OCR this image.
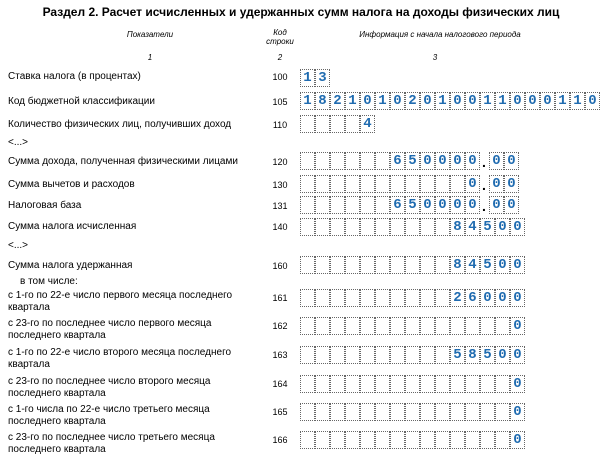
Раздел 2. Расчет исчисленных и удержанных сумм налога на доходы физических лиц
Показатели	Код
строки
Информация с начала налогового периода
1	2	3
Ставка налога (в процентах)	100	1 3
Код бюджетной классификации	105	1 8 2 1 0 1 0 2 0 1 0 0 1 1 0 0 0 1 1 0
Количество физических лиц, получивших доход	110	4
<...>
Сумма дохода, полученная физическими лицами	120	6 5 0 0 0 0 . 0 0
Сумма вычетов и расходов	130	0 . 0 0
Налоговая база	131	6 5 0 0 0 0 . 0 0
Сумма налога исчисленная	140	8 4 5 0 0
<...>
Сумма налога удержанная	160	8 4 5 0 0
в том числе:
с 1-го по 22-е число первого месяца последнего квартала
161	2 6 0 0 0
с 23-го по последнее число первого месяца последнего квартала
162	0
с 1-го по 22-е число второго месяца последнего квартала
163	5 8 5 0 0
с 23-го по последнее число второго месяца последнего квартала
164	0
с 1-го числа по 22-е число третьего месяца последнего квартала
165	0
с 23-го по последнее число третьего месяца последнего квартала
166	0
